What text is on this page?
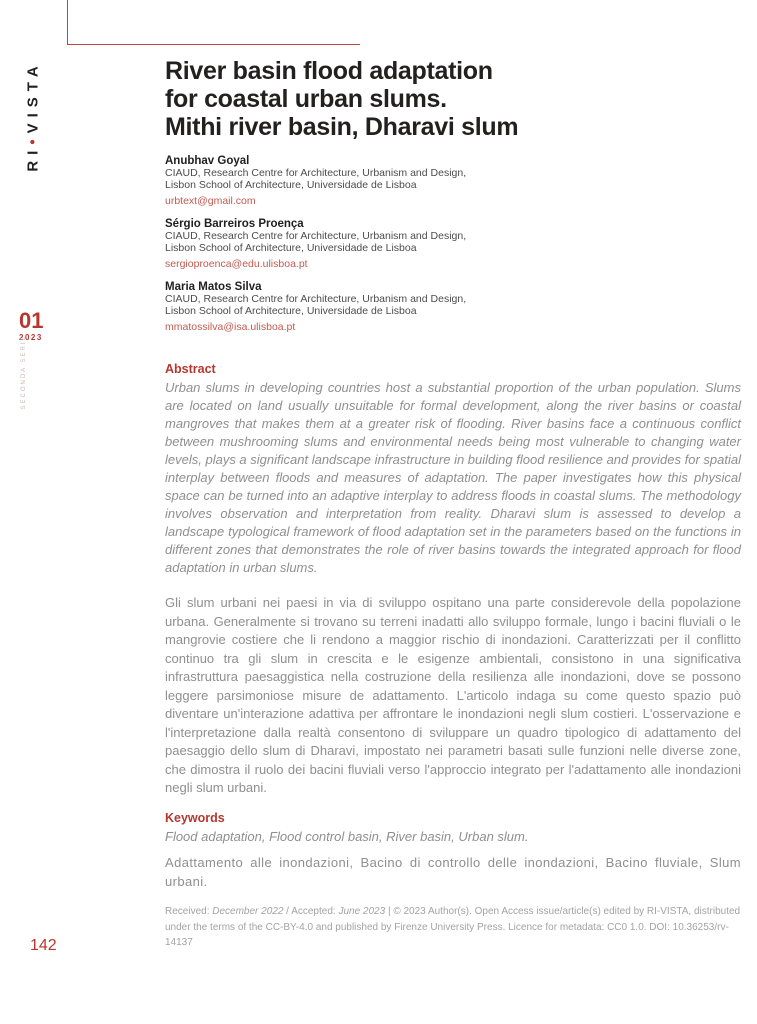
RI•VISTA
01
2023
SECONDA SERIE
142
River basin flood adaptation
for coastal urban slums.
Mithi river basin, Dharavi slum
Anubhav Goyal
CIAUD, Research Centre for Architecture, Urbanism and Design,
Lisbon School of Architecture, Universidade de Lisboa
urbtext@gmail.com
Sérgio Barreiros Proença
CIAUD, Research Centre for Architecture, Urbanism and Design,
Lisbon School of Architecture, Universidade de Lisboa
sergioproenca@edu.ulisboa.pt
Maria Matos Silva
CIAUD, Research Centre for Architecture, Urbanism and Design,
Lisbon School of Architecture, Universidade de Lisboa
mmatossilva@isa.ulisboa.pt
Abstract
Urban slums in developing countries host a substantial proportion of the urban population. Slums are located on land usually unsuitable for formal development, along the river basins or coastal mangroves that makes them at a greater risk of flooding. River basins face a continuous conflict between mushrooming slums and environmental needs being most vulnerable to changing water levels, plays a significant landscape infrastructure in building flood resilience and provides for spatial interplay between floods and measures of adaptation. The paper investigates how this physical space can be turned into an adaptive interplay to address floods in coastal slums. The methodology involves observation and interpretation from reality. Dharavi slum is assessed to develop a landscape typological framework of flood adaptation set in the parameters based on the functions in different zones that demonstrates the role of river basins towards the integrated approach for flood adaptation in urban slums.
Gli slum urbani nei paesi in via di sviluppo ospitano una parte considerevole della popolazione urbana. Generalmente si trovano su terreni inadatti allo sviluppo formale, lungo i bacini fluviali o le mangrovie costiere che li rendono a maggior rischio di inondazioni. Caratterizzati per il conflitto continuo tra gli slum in crescita e le esigenze ambientali, consistono in una significativa infrastruttura paesaggistica nella costruzione della resilienza alle inondazioni, dove se possono leggere parsimoniose misure de adattamento. L'articolo indaga su come questo spazio può diventare un'interazione adattiva per affrontare le inondazioni negli slum costieri. L'osservazione e l'interpretazione dalla realtà consentono di sviluppare un quadro tipologico di adattamento del paesaggio dello slum di Dharavi, impostato nei parametri basati sulle funzioni nelle diverse zone, che dimostra il ruolo dei bacini fluviali verso l'approccio integrato per l'adattamento alle inondazioni negli slum urbani.
Keywords
Flood adaptation, Flood control basin, River basin, Urban slum.
Adattamento alle inondazioni, Bacino di controllo delle inondazioni, Bacino fluviale, Slum urbani.
Received: December 2022 / Accepted: June 2023 | © 2023 Author(s). Open Access issue/article(s) edited by RI-VISTA, distributed under the terms of the CC-BY-4.0 and published by Firenze University Press. Licence for metadata: CC0 1.0. DOI: 10.36253/rv-14137
